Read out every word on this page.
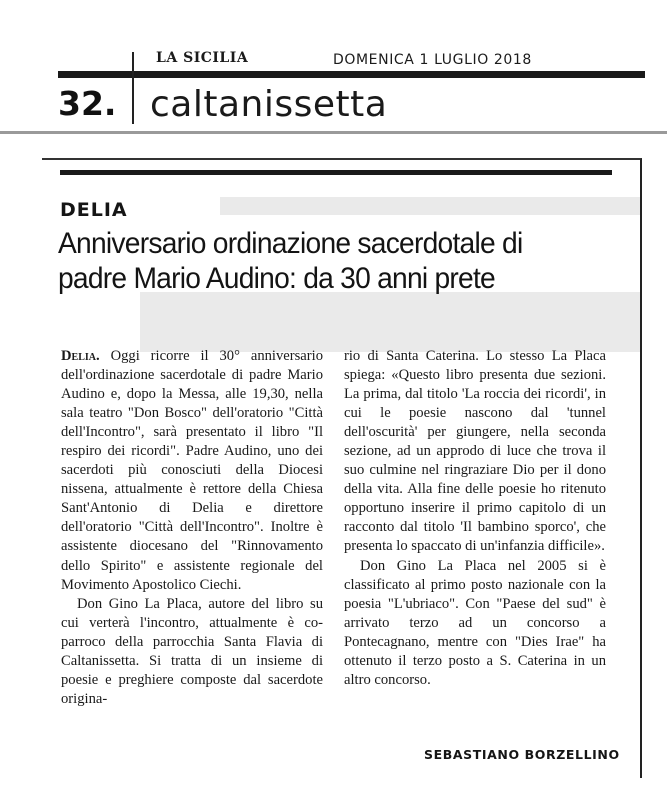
LA SICILIA	DOMENICA 1 LUGLIO 2018
32. caltanissetta
DELIA
Anniversario ordinazione sacerdotale di padre Mario Audino: da 30 anni prete

Delia. Oggi ricorre il 30° anniversario dell'ordinazione sacerdotale di padre Mario Audino e, dopo la Messa, alle 19,30, nella sala teatro "Don Bosco" dell'oratorio "Città dell'Incontro", sarà presentato il libro "Il respiro dei ricordi". Padre Audino, uno dei sacerdoti più conosciuti della Diocesi nissena, attualmente è rettore della Chiesa Sant'Antonio di Delia e direttore dell'oratorio "Città dell'Incontro". Inoltre è assistente diocesano del "Rinnovamento dello Spirito" e assistente regionale del Movimento Apostolico Ciechi.

Don Gino La Placa, autore del libro su cui verterà l'incontro, attualmente è co-parroco della parrocchia Santa Flavia di Caltanissetta. Si tratta di un insieme di poesie e preghiere composte dal sacerdote origina-

rio di Santa Caterina. Lo stesso La Placa spiega: «Questo libro presenta due sezioni. La prima, dal titolo 'La roccia dei ricordi', in cui le poesie nascono dal 'tunnel dell'oscurità' per giungere, nella seconda sezione, ad un approdo di luce che trova il suo culmine nel ringraziare Dio per il dono della vita. Alla fine delle poesie ho ritenuto opportuno inserire il primo capitolo di un racconto dal titolo 'Il bambino sporco', che presenta lo spaccato di un'infanzia difficile».

Don Gino La Placa nel 2005 si è classificato al primo posto nazionale con la poesia "L'ubriaco". Con "Paese del sud" è arrivato terzo ad un concorso a Pontecagnano, mentre con "Dies Irae" ha ottenuto il terzo posto a S. Caterina in un altro concorso.

SEBASTIANO BORZELLINO
